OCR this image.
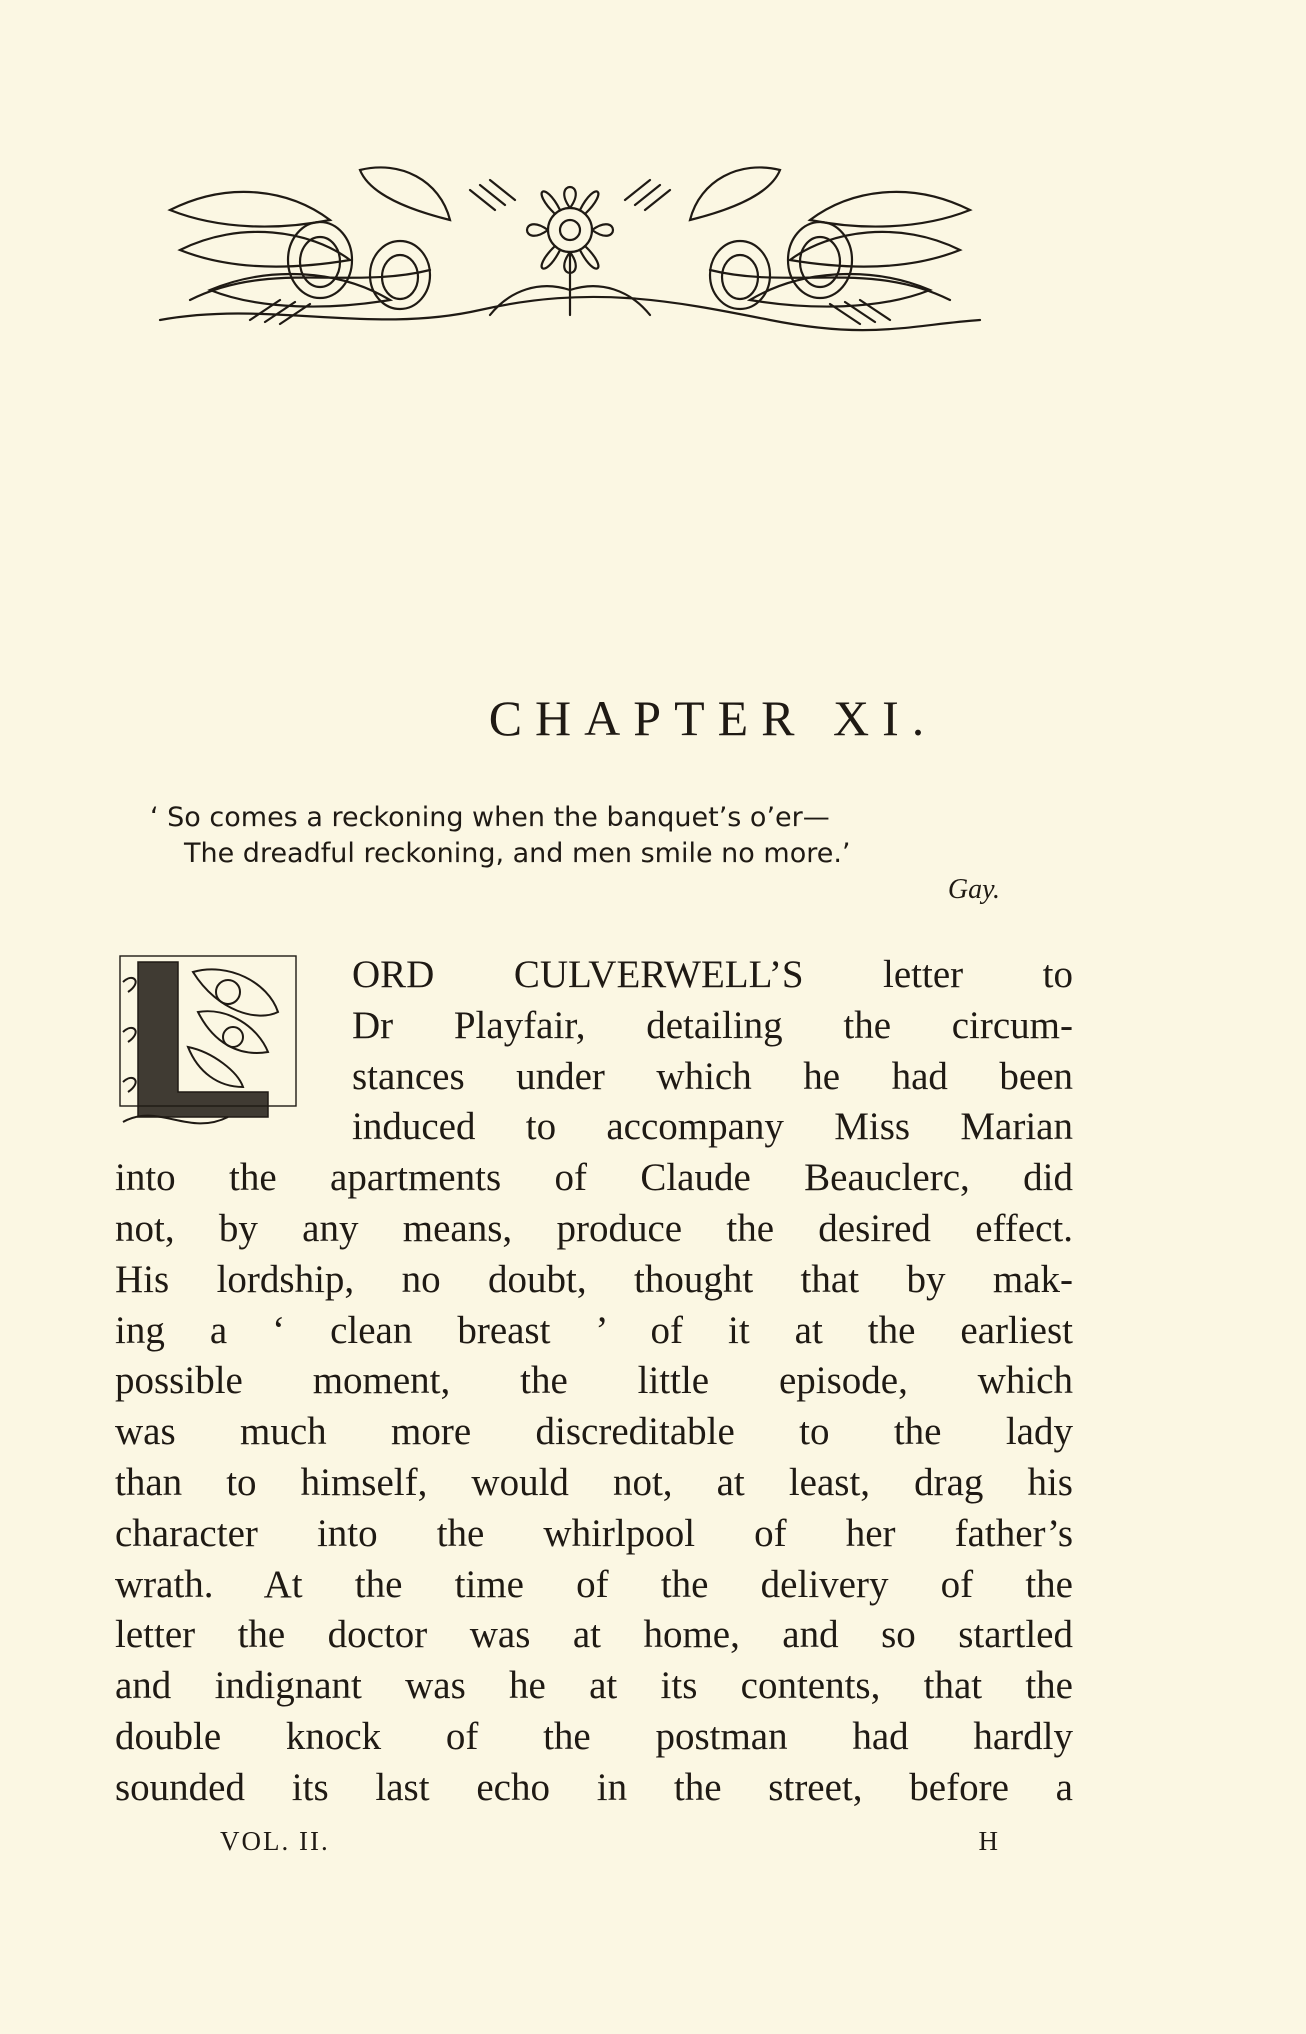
CHAPTER XI.
‘ So comes a reckoning when the banquet’s o’er—
The dreadful reckoning, and men smile no more.’
Gay.
ORD CULVERWELL’S letter to
Dr Playfair, detailing the circum-
stances under which he had been
induced to accompany Miss Marian
into the apartments of Claude Beauclerc, did
not, by any means, produce the desired effect.
His lordship, no doubt, thought that by mak-
ing a ‘ clean breast ’ of it at the earliest
possible moment, the little episode, which
was much more discreditable to the lady
than to himself, would not, at least, drag his
character into the whirlpool of her father’s
wrath. At the time of the delivery of the
letter the doctor was at home, and so startled
and indignant was he at its contents, that the
double knock of the postman had hardly
sounded its last echo in the street, before a
VOL. II.	H
